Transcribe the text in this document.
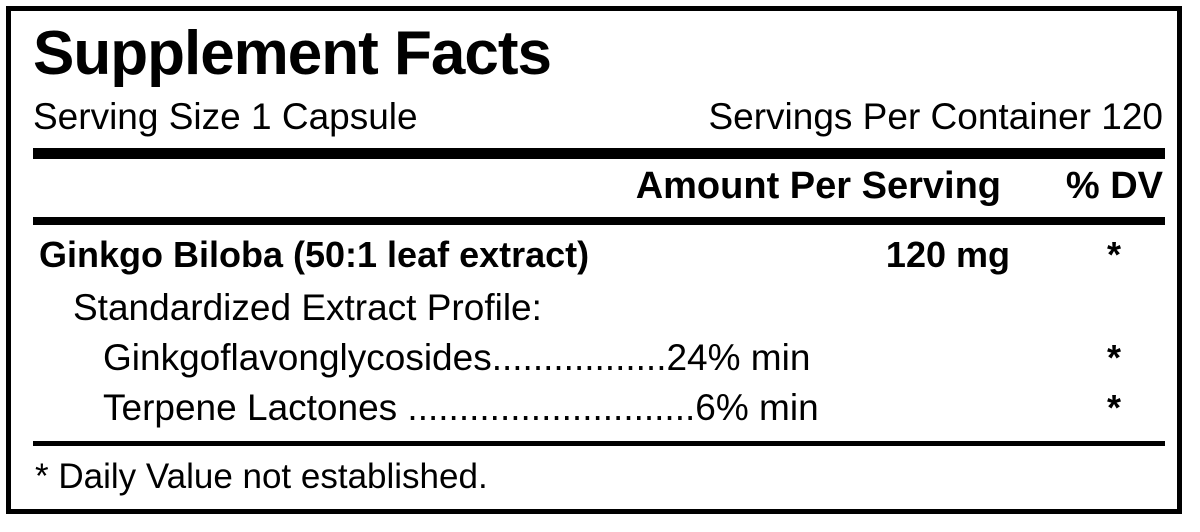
Supplement Facts
Serving Size 1 Capsule	Servings Per Container 120
Amount Per Serving % DV
Ginkgo Biloba (50:1 leaf extract)	120 mg	*
Standardized Extract Profile:
Ginkgoflavonglycosides.................24% min	*
Terpene Lactones ............................6% min	*
* Daily Value not established.
